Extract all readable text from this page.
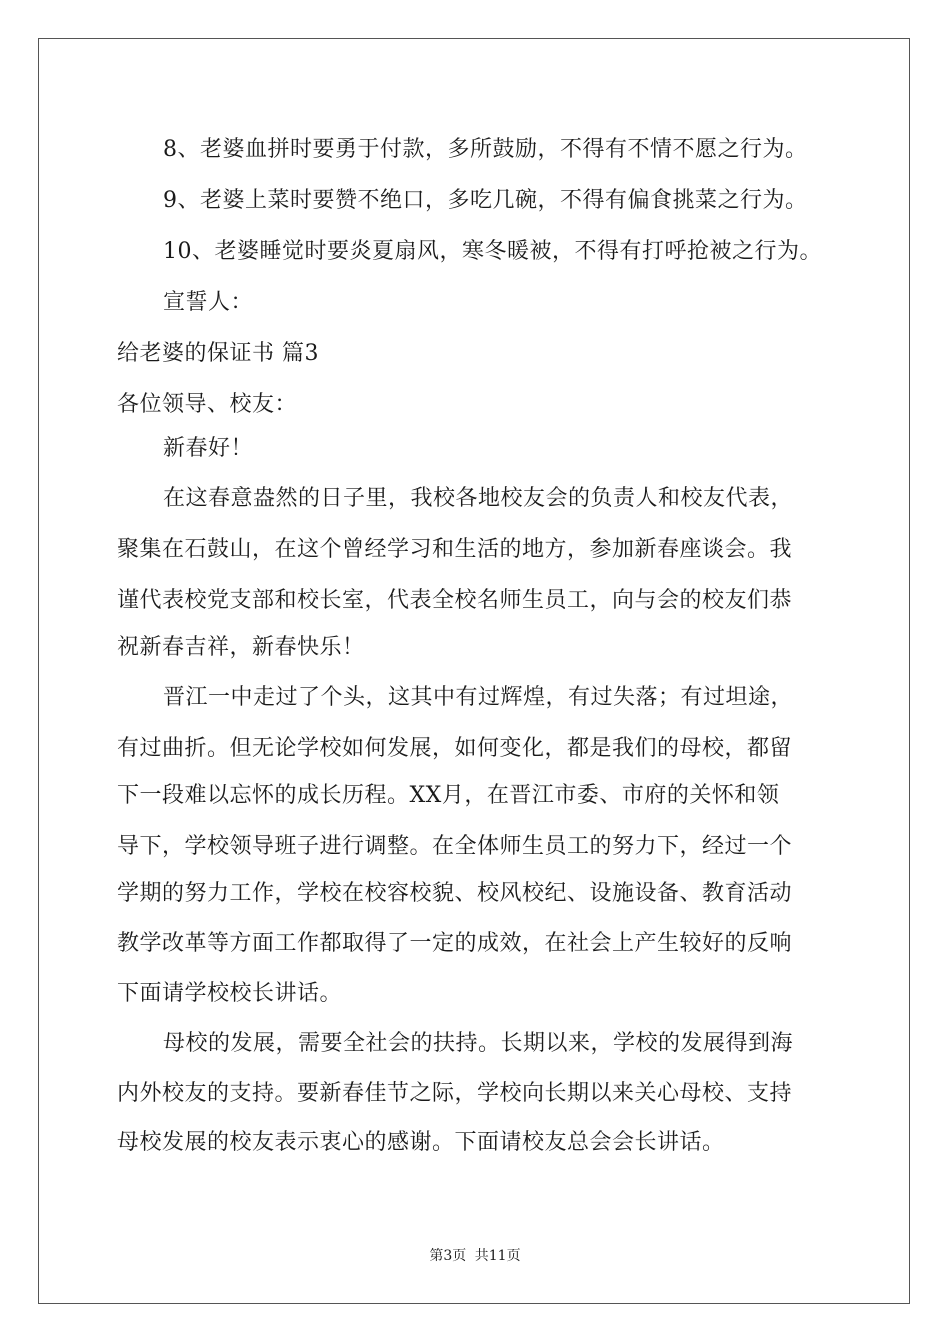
8、老婆血拼时要勇于付款，多所鼓励，不得有不情不愿之行为。
9、老婆上菜时要赞不绝口，多吃几碗，不得有偏食挑菜之行为。
10、老婆睡觉时要炎夏扇风，寒冬暖被，不得有打呼抢被之行为。
宣誓人：
给老婆的保证书 篇3
各位领导、校友：
新春好！
在这春意盎然的日子里，我校各地校友会的负责人和校友代表，
聚集在石鼓山，在这个曾经学习和生活的地方，参加新春座谈会。我
谨代表校党支部和校长室，代表全校名师生员工，向与会的校友们恭
祝新春吉祥，新春快乐！
晋江一中走过了个头，这其中有过辉煌，有过失落；有过坦途，
有过曲折。但无论学校如何发展，如何变化，都是我们的母校，都留
下一段难以忘怀的成长历程。XX月，在晋江市委、市府的关怀和领
导下，学校领导班子进行调整。在全体师生员工的努力下，经过一个
学期的努力工作，学校在校容校貌、校风校纪、设施设备、教育活动
教学改革等方面工作都取得了一定的成效，在社会上产生较好的反响
下面请学校校长讲话。
母校的发展，需要全社会的扶持。长期以来，学校的发展得到海
内外校友的支持。要新春佳节之际，学校向长期以来关心母校、支持
母校发展的校友表示衷心的感谢。下面请校友总会会长讲话。
第3页 共11页
